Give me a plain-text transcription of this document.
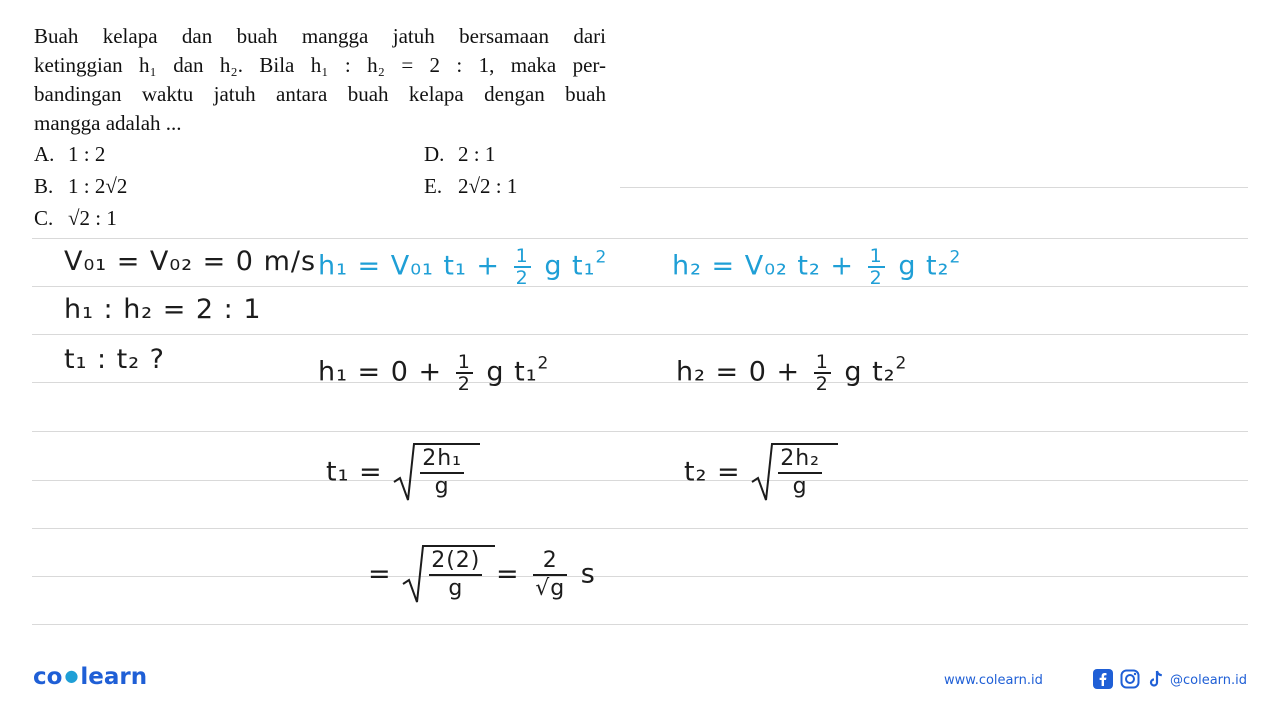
Buah kelapa dan buah mangga jatuh bersamaan dari
ketinggian h₁ dan h₂. Bila h₁ : h₂ = 2 : 1, maka per-
bandingan waktu jatuh antara buah kelapa dengan buah
mangga adalah ...
A. 1 : 2
B. 1 : 2√2
C. √2 : 1
D. 2 : 1
E. 2√2 : 1
V₀₁ = V₀₂ = 0 m/s h₁ = V₀₁ $t_1 + \frac{1}{2}$ g t₁$^2$ h₂ = V₀₂ $t_2 + \frac{1}{2}$ g t₂$^2$
h₁ : h₂ = 2 : 1
t₁ : t₂ ?	$h_1 = 0 + \frac{1}{2}$ g t₁$^2$	$h_2 = 0 + \frac{1}{2}$ g t₂$^2$
$t_1 = \frac{\text{2h₁}}{g}$	$t_2 = \frac{\text{2h₂}}{g}$
= $\frac{2(2)}{g} = \frac{2}{√g}$ s
co ●learn	www.colearn.id	@colearn.id
